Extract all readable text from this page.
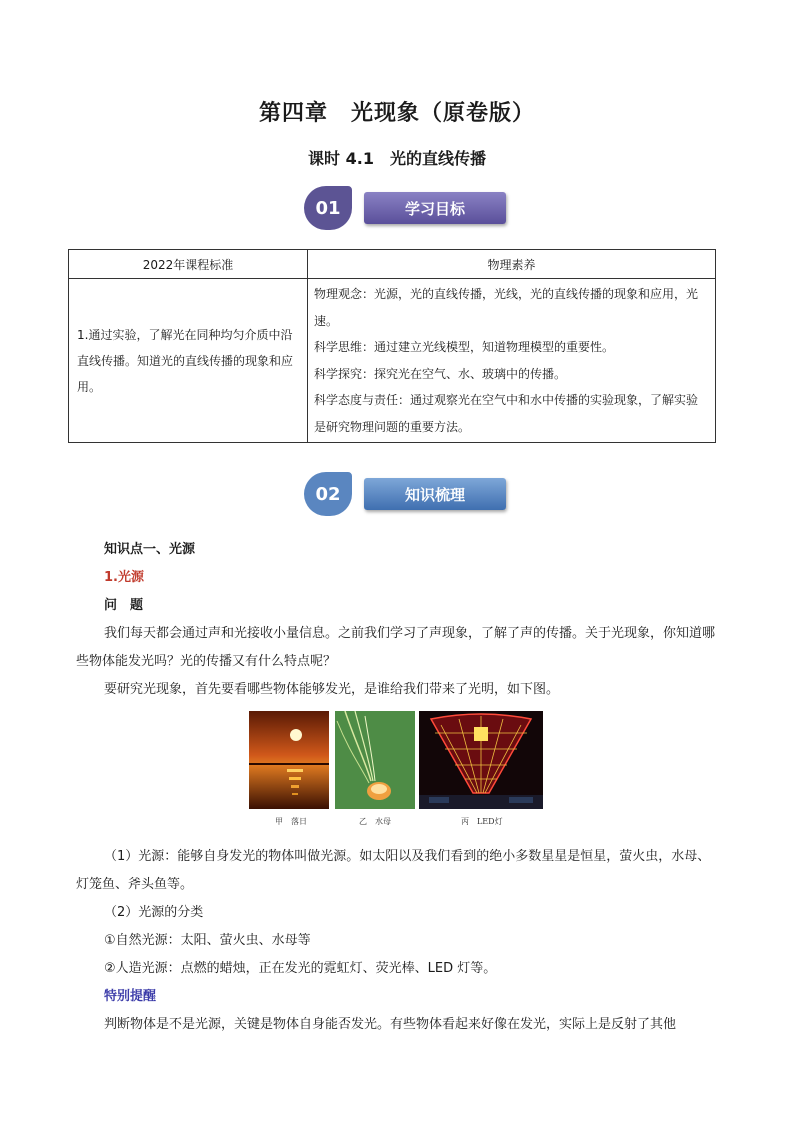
第四章　光现象（原卷版）
课时 4.1　光的直线传播
01	学习目标
2022年课程标准	物理素养
1.通过实验，了解光在同种均匀介质中沿直线传播。知道光的直线传播的现象和应用。	物理观念：光源，光的直线传播，光线，光的直线传播的现象和应用，光速。
科学思维：通过建立光线模型，知道物理模型的重要性。
科学探究：探究光在空气、水、玻璃中的传播。
科学态度与责任：通过观察光在空气中和水中传播的实验现象，了解实验是研究物理问题的重要方法。
02	知识梳理
知识点一、光源
1.光源
问　题
我们每天都会通过声和光接收小量信息。之前我们学习了声现象，了解了声的传播。关于光现象，你知道哪些物体能发光吗？光的传播又有什么特点呢？
要研究光现象，首先要看哪些物体能够发光，是谁给我们带来了光明，如下图。
（1）光源：能够自身发光的物体叫做光源。如太阳以及我们看到的绝小多数星星是恒星，萤火虫，水母、灯笼鱼、斧头鱼等。
（2）光源的分类
①自然光源：太阳、萤火虫、水母等
②人造光源：点燃的蜡烛，正在发光的霓虹灯、荧光棒、LED 灯等。
特别提醒
判断物体是不是光源，关键是物体自身能否发光。有些物体看起来好像在发光，实际上是反射了其他
甲　落日	乙　水母	丙　LED灯
